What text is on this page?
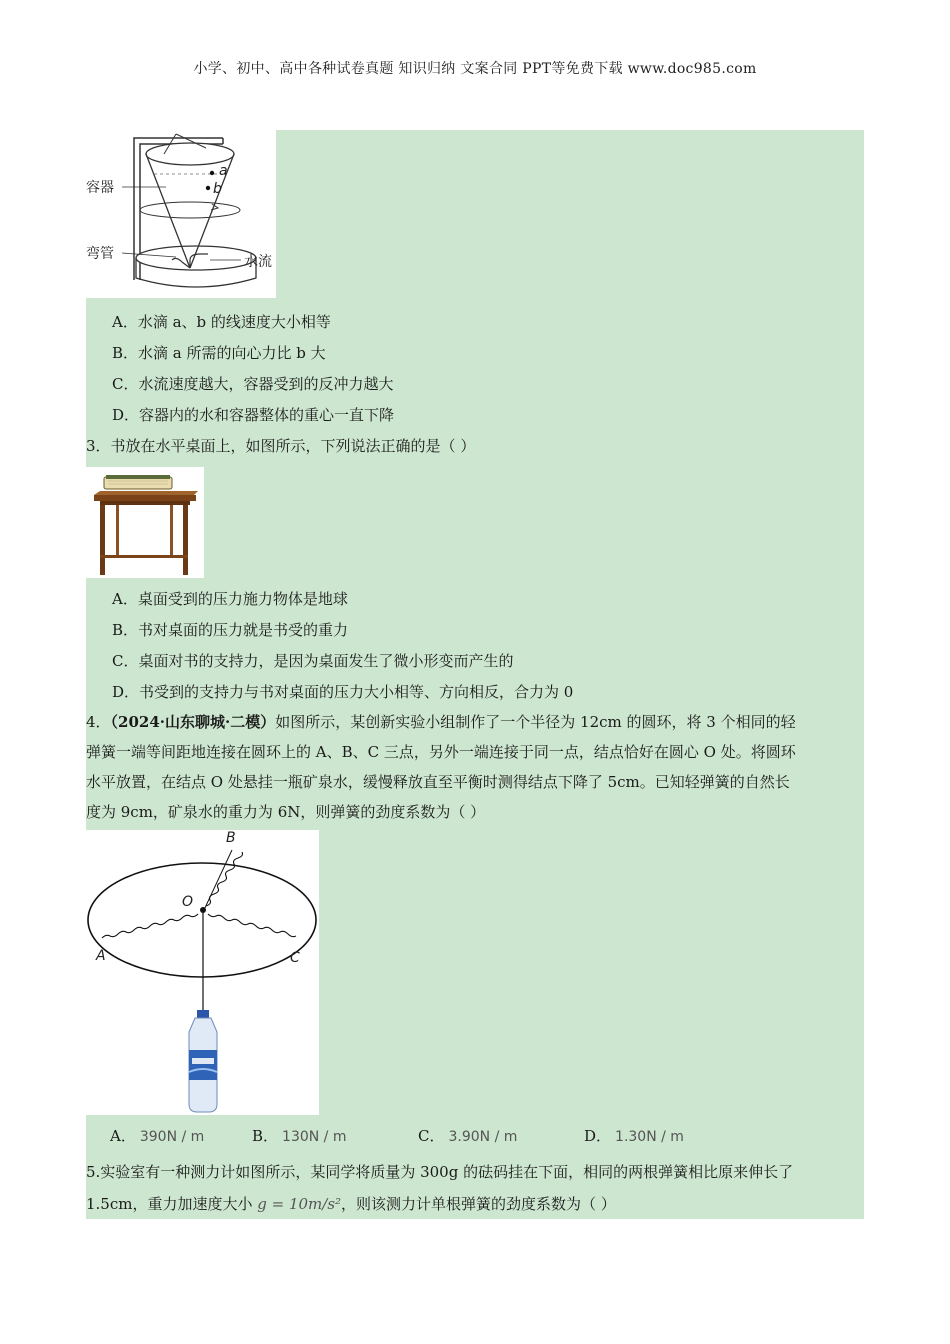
小学、初中、高中各种试卷真题 知识归纳 文案合同 PPT等免费下载 www.doc985.com
a
b
容器
弯管	水流
A．水滴 a、b 的线速度大小相等
B．水滴 a 所需的向心力比 b 大
C．水流速度越大，容器受到的反冲力越大
D．容器内的水和容器整体的重心一直下降
3．书放在水平桌面上，如图所示，下列说法正确的是（ ）
A．桌面受到的压力施力物体是地球
B．书对桌面的压力就是书受的重力
C．桌面对书的支持力，是因为桌面发生了微小形变而产生的
D．书受到的支持力与书对桌面的压力大小相等、方向相反，合力为 0
4．（2024·山东聊城·二模）如图所示，某创新实验小组制作了一个半径为 12cm 的圆环，将 3 个相同的轻
弹簧一端等间距地连接在圆环上的 A、B、C 三点，另外一端连接于同一点，结点恰好在圆心 O 处。将圆环
水平放置，在结点 O 处悬挂一瓶矿泉水，缓慢释放直至平衡时测得结点下降了 5cm。已知轻弹簧的自然长
度为 9cm，矿泉水的重力为 6N，则弹簧的劲度系数为（ ）
B
O
A	C
A． 390N / m	B． 130N / m	C． 3.90N / m	D． 1.30N / m
5.实验室有一种测力计如图所示，某同学将质量为 300g 的砝码挂在下面，相同的两根弹簧相比原来伸长了
1.5cm，重力加速度大小 g = 10m/s²，则该测力计单根弹簧的劲度系数为（ ）
